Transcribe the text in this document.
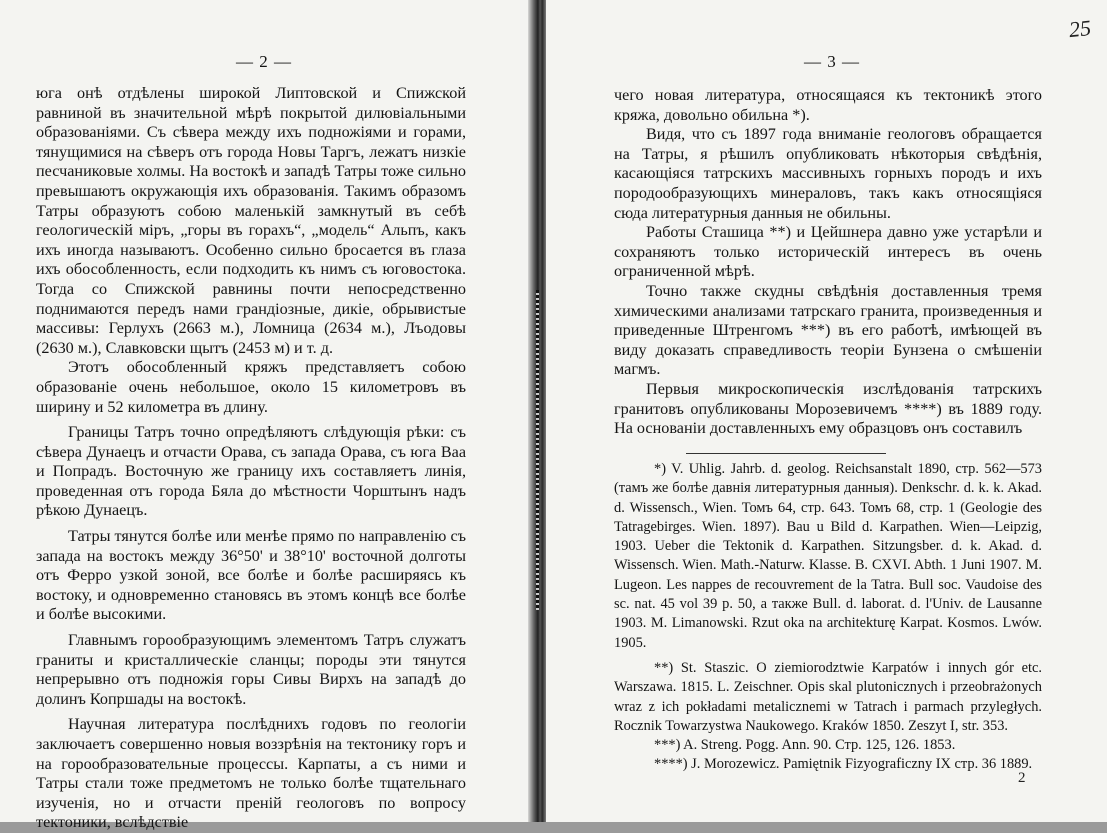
— 2 —

юга онѣ отдѣлены широкой Липтовской и Спижской равниной въ значительной мѣрѣ покрытой дилювіальными образованіями. Съ сѣвера между ихъ подножіями и горами, тянущимися на сѣверъ отъ города Новы Таргъ, лежатъ низкіе песчаниковые холмы. На востокѣ и западѣ Татры тоже сильно превышаютъ окружающія ихъ образованія. Такимъ образомъ Татры образуютъ собою маленькій замкнутый въ себѣ геологическій міръ, „горы въ горахъ“, „модель“ Альпъ, какъ ихъ иногда называютъ. Особенно сильно бросается въ глаза ихъ обособленность, если подходить къ нимъ съ юговостока. Тогда со Спижской равнины почти непосредственно поднимаются передъ нами грандіозные, дикіе, обрывистые массивы: Герлухъ (2663 м.), Ломница (2634 м.), Лъодовы (2630 м.), Славковски щытъ (2453 м) и т. д.

Этотъ обособленный кряжъ представляетъ собою образованіе очень небольшое, около 15 километровъ въ ширину и 52 километра въ длину.

Границы Татръ точно опредѣляютъ слѣдующія рѣки: съ сѣвера Дунаецъ и отчасти Орава, съ запада Орава, съ юга Ваа и Попрадъ. Восточную же границу ихъ составляетъ линія, проведенная отъ города Бяла до мѣстности Чорштынъ надъ рѣкою Дунаецъ.

Татры тянутся болѣе или менѣе прямо по направленію съ запада на востокъ между 36°50' и 38°10' восточной долготы отъ Ферро узкой зоной, все болѣе и болѣе расширяясь къ востоку, и одновременно становясь въ этомъ концѣ все болѣе и болѣе высокими.

Главнымъ горообразующимъ элементомъ Татръ служатъ граниты и кристаллическіе сланцы; породы эти тянутся непрерывно отъ подножія горы Сивы Вирхъ на западѣ до долинъ Копршады на востокѣ.

Научная литература послѣднихъ годовъ по геологіи заключаетъ совершенно новыя воззрѣнія на тектонику горъ и на горообразовательные процессы. Карпаты, а съ ними и Татры стали тоже предметомъ не только болѣе тщательнаго изученія, но и отчасти преній геологовъ по вопросу тектоники, вслѣдствіе

— 3 —

чего новая литература, относящаяся къ тектоникѣ этого кряжа, довольно обильна *).

Видя, что съ 1897 года вниманіе геологовъ обращается на Татры, я рѣшилъ опубликовать нѣкоторыя свѣдѣнія, касающіяся татрскихъ массивныхъ горныхъ породъ и ихъ породообразующихъ минераловъ, такъ какъ относящіяся сюда литературныя данныя не обильны.

Работы Сташица **) и Цейшнера давно уже устарѣли и сохраняютъ только историческій интересъ въ очень ограниченной мѣрѣ.

Точно также скудны свѣдѣнія доставленныя тремя химическими анализами татрскаго гранита, произведенныя и приведенные Штренгомъ ***) въ его работѣ, имѣющей въ виду доказать справедливость теоріи Бунзена о смѣшеніи магмъ.

Первыя микроскопическія изслѣдованія татрскихъ гранитовъ опубликованы Морозевичемъ ****) въ 1889 году. На основаніи доставленныхъ ему образцовъ онъ составилъ

*) V. Uhlig. Jahrb. d. geolog. Reichsanstalt 1890, стр. 562—573 (тамъ же болѣе давнія литературныя данныя). Denkschr. d. k. k. Akad. d. Wissensch., Wien. Томъ 64, стр. 643. Томъ 68, стр. 1 (Geologie des Tatragebirges. Wien. 1897). Bau u Bild d. Karpathen. Wien—Leipzig, 1903. Ueber die Tektonik d. Karpathen. Sitzungsber. d. k. Akad. d. Wissensch. Wien. Math.-Naturw. Klasse. B. CXVI. Abth. 1 Juni 1907. M. Lugeon. Les nappes de recouvrement de la Tatra. Bull soc. Vaudoise des sc. nat. 45 vol 39 p. 50, а также Bull. d. laborat. d. l'Univ. de Lausanne 1903. M. Limanowski. Rzut oka na architekturę Karpat. Kosmos. Lwów. 1905.

**) St. Staszic. O ziemiorodztwie Karpatów i innych gór etc. Warszawa. 1815. L. Zeischner. Opis skal plutonicznych i przeobrażonych wraz z ich pokładami metalicznemi w Tatrach i parmach przyległych. Rocznik Towarzystwa Naukowego. Kraków 1850. Zeszyt I, str. 353.

***) A. Streng. Pogg. Ann. 90. Стр. 125, 126. 1853.

****) J. Morozewicz. Pamiętnik Fizyograficzny IX стр. 36 1889.

25
2
